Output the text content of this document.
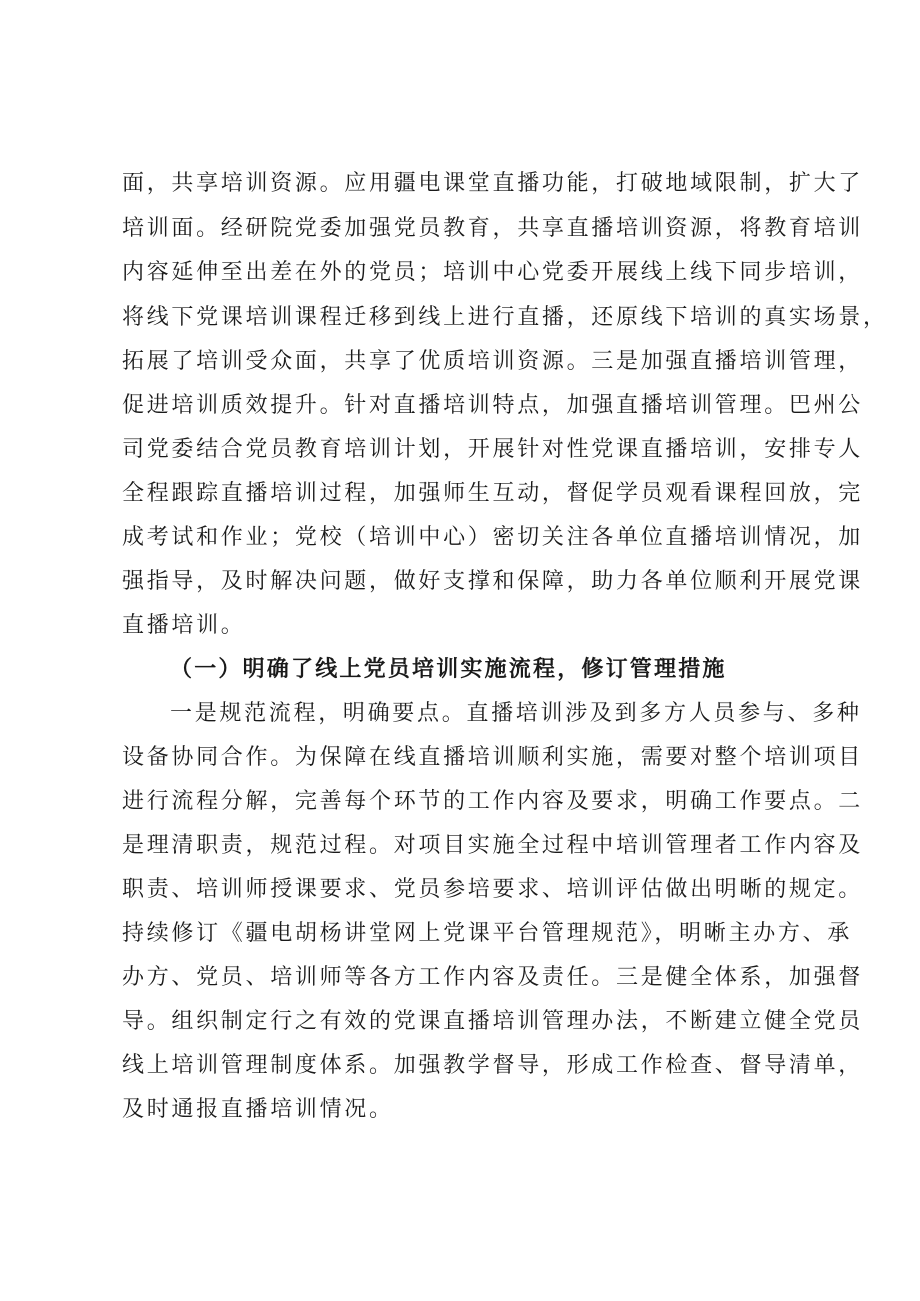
面，共享培训资源。应用疆电课堂直播功能，打破地域限制，扩大了
培训面。经研院党委加强党员教育，共享直播培训资源，将教育培训
内容延伸至出差在外的党员；培训中心党委开展线上线下同步培训，
将线下党课培训课程迁移到线上进行直播，还原线下培训的真实场景，
拓展了培训受众面，共享了优质培训资源。三是加强直播培训管理，
促进培训质效提升。针对直播培训特点，加强直播培训管理。巴州公
司党委结合党员教育培训计划，开展针对性党课直播培训，安排专人
全程跟踪直播培训过程，加强师生互动，督促学员观看课程回放，完
成考试和作业；党校（培训中心）密切关注各单位直播培训情况，加
强指导，及时解决问题，做好支撑和保障，助力各单位顺利开展党课
直播培训。
（一）明确了线上党员培训实施流程，修订管理措施
一是规范流程，明确要点。直播培训涉及到多方人员参与、多种
设备协同合作。为保障在线直播培训顺利实施，需要对整个培训项目
进行流程分解，完善每个环节的工作内容及要求，明确工作要点。二
是理清职责，规范过程。对项目实施全过程中培训管理者工作内容及
职责、培训师授课要求、党员参培要求、培训评估做出明晰的规定。
持续修订《疆电胡杨讲堂网上党课平台管理规范》，明晰主办方、承
办方、党员、培训师等各方工作内容及责任。三是健全体系，加强督
导。组织制定行之有效的党课直播培训管理办法，不断建立健全党员
线上培训管理制度体系。加强教学督导，形成工作检查、督导清单，
及时通报直播培训情况。
